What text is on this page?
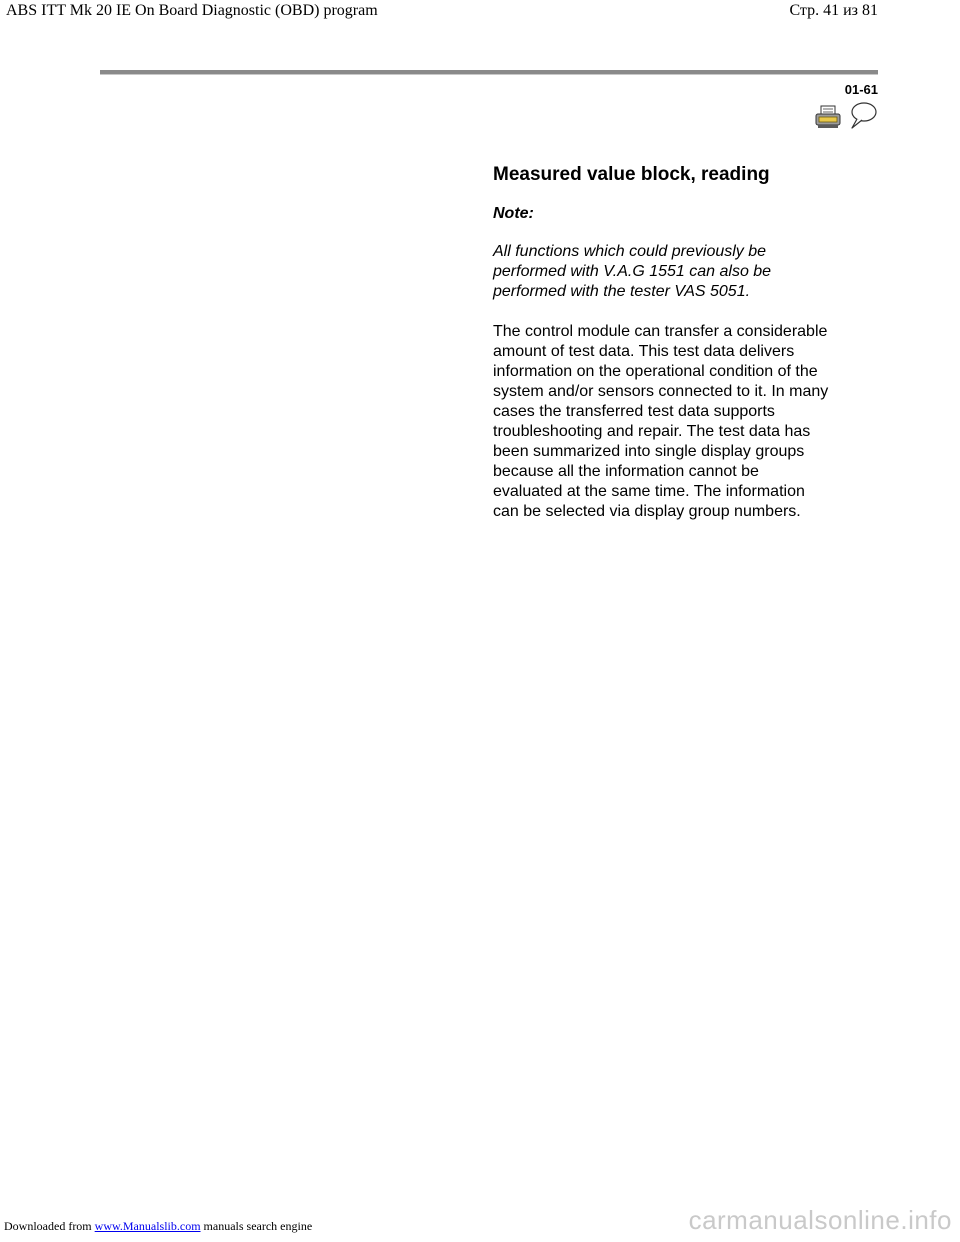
ABS ITT Mk 20 IE On Board Diagnostic (OBD) program	Стр. 41 из 81
01-61
Measured value block, reading

Note:

All functions which could previously be
performed with V.A.G 1551 can also be
performed with the tester VAS 5051.

The control module can transfer a considerable
amount of test data. This test data delivers
information on the operational condition of the
system and/or sensors connected to it. In many
cases the transferred test data supports
troubleshooting and repair. The test data has
been summarized into single display groups
because all the information cannot be
evaluated at the same time. The information
can be selected via display group numbers.

Downloaded from www.Manualslib.com manuals search engine	carmanualsonline.info
